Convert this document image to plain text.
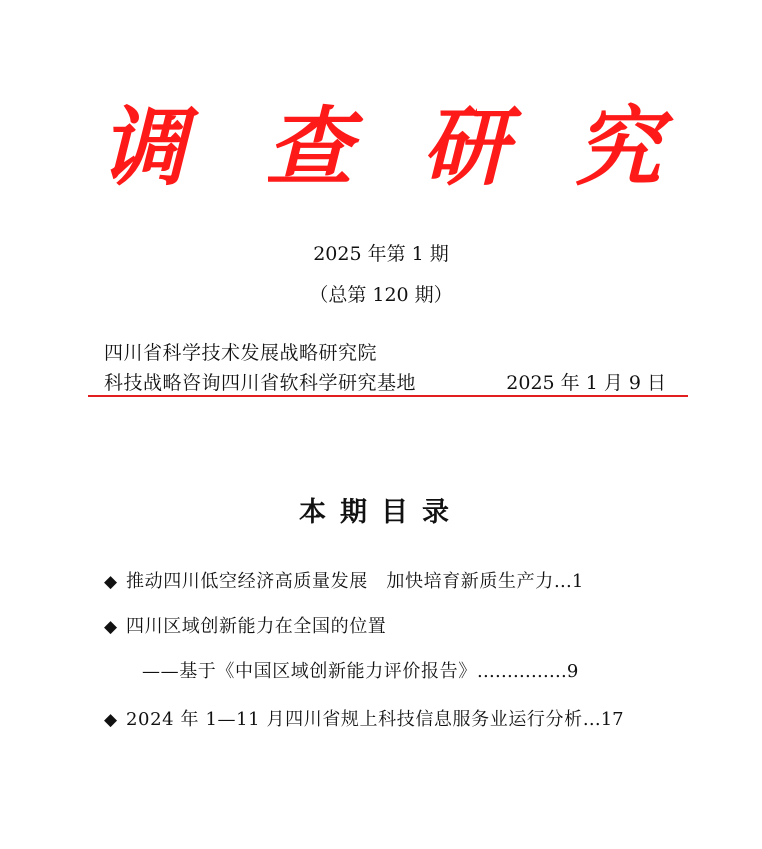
调 查 研 究
2025 年第 1 期
（总第 120 期）
四川省科学技术发展战略研究院
科技战略咨询四川省软科学研究基地	2025 年 1 月 9 日
本期目录
◆ 推动四川低空经济高质量发展　加快培育新质生产力…1
◆ 四川区域创新能力在全国的位置
——基于《中国区域创新能力评价报告》……………9
◆ 2024 年 1—11 月四川省规上科技信息服务业运行分析…17
